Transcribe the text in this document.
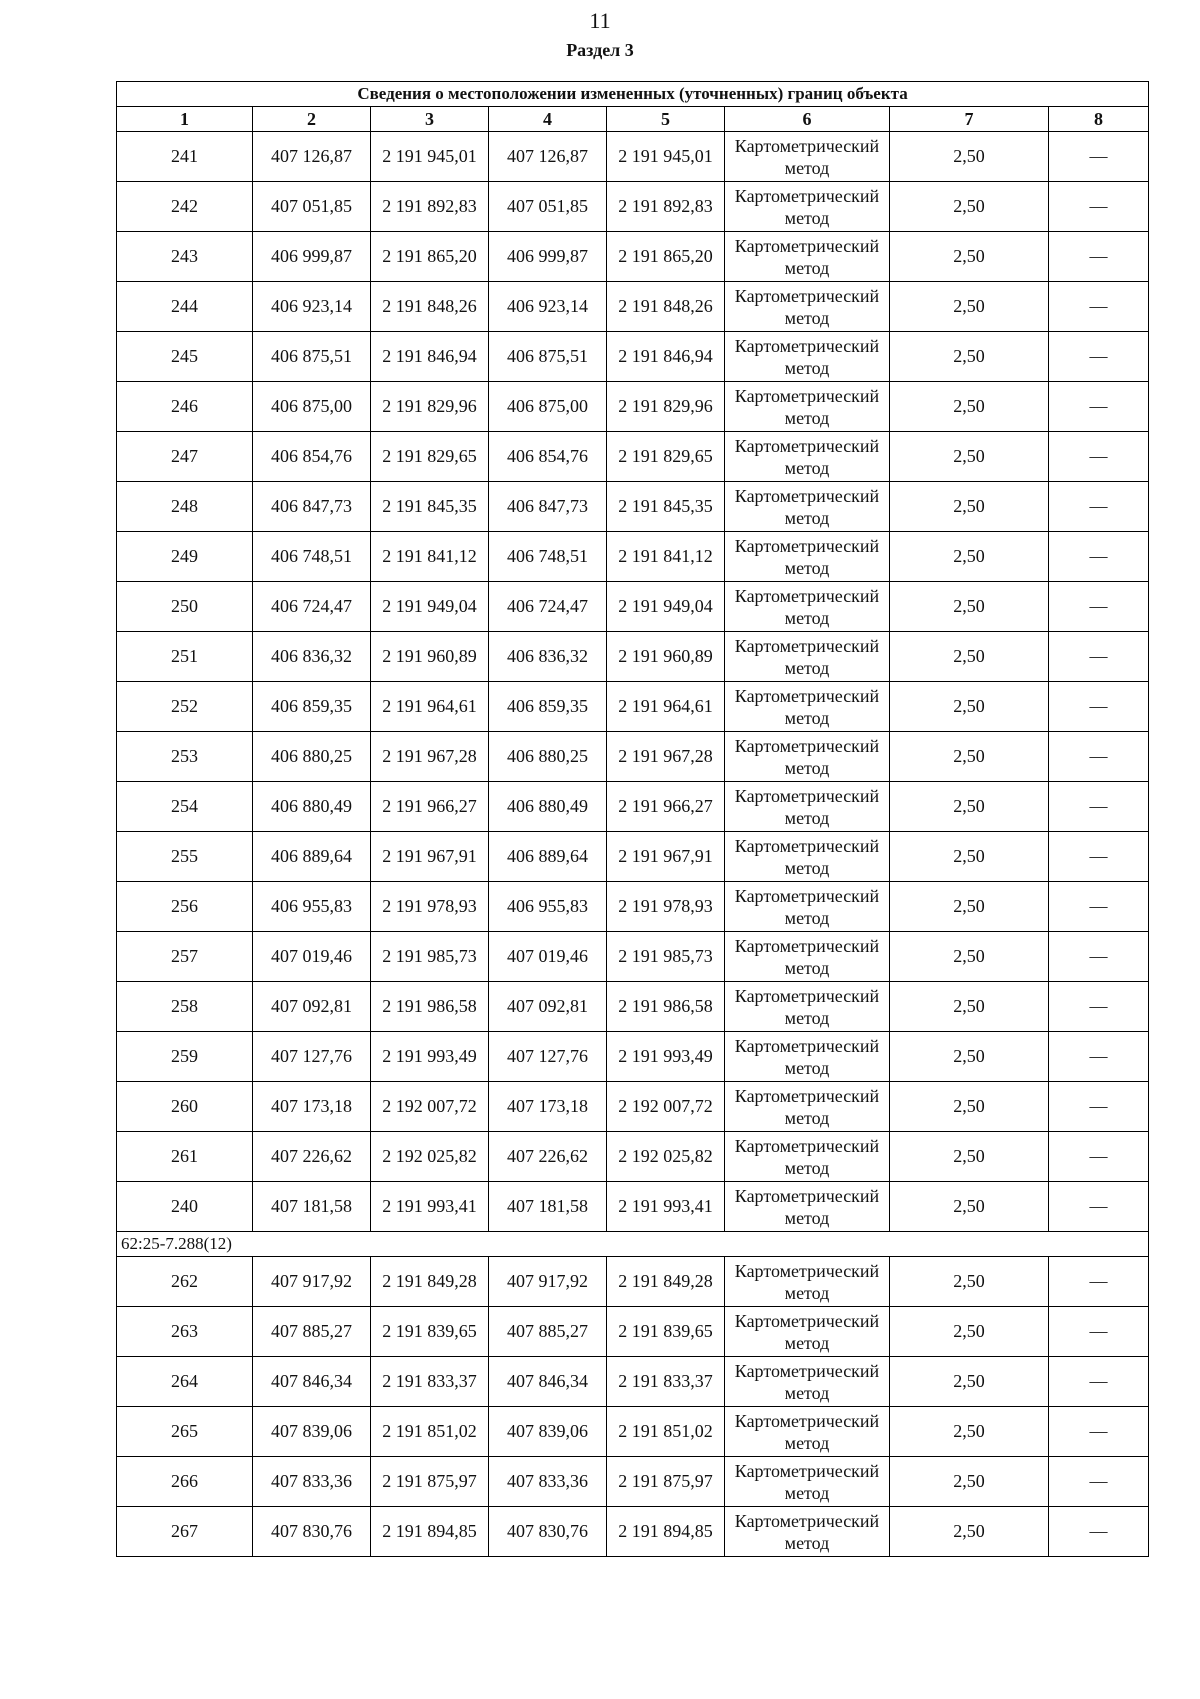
11
Раздел 3
Сведения о местоположении измененных (уточненных) границ объекта							
1	2	3	4	5	6	7	8
241	407 126,87	2 191 945,01	407 126,87	2 191 945,01	Картометрический метод	2,50	—
242	407 051,85	2 191 892,83	407 051,85	2 191 892,83	Картометрический метод	2,50	—
243	406 999,87	2 191 865,20	406 999,87	2 191 865,20	Картометрический метод	2,50	—
244	406 923,14	2 191 848,26	406 923,14	2 191 848,26	Картометрический метод	2,50	—
245	406 875,51	2 191 846,94	406 875,51	2 191 846,94	Картометрический метод	2,50	—
246	406 875,00	2 191 829,96	406 875,00	2 191 829,96	Картометрический метод	2,50	—
247	406 854,76	2 191 829,65	406 854,76	2 191 829,65	Картометрический метод	2,50	—
248	406 847,73	2 191 845,35	406 847,73	2 191 845,35	Картометрический метод	2,50	—
249	406 748,51	2 191 841,12	406 748,51	2 191 841,12	Картометрический метод	2,50	—
250	406 724,47	2 191 949,04	406 724,47	2 191 949,04	Картометрический метод	2,50	—
251	406 836,32	2 191 960,89	406 836,32	2 191 960,89	Картометрический метод	2,50	—
252	406 859,35	2 191 964,61	406 859,35	2 191 964,61	Картометрический метод	2,50	—
253	406 880,25	2 191 967,28	406 880,25	2 191 967,28	Картометрический метод	2,50	—
254	406 880,49	2 191 966,27	406 880,49	2 191 966,27	Картометрический метод	2,50	—
255	406 889,64	2 191 967,91	406 889,64	2 191 967,91	Картометрический метод	2,50	—
256	406 955,83	2 191 978,93	406 955,83	2 191 978,93	Картометрический метод	2,50	—
257	407 019,46	2 191 985,73	407 019,46	2 191 985,73	Картометрический метод	2,50	—
258	407 092,81	2 191 986,58	407 092,81	2 191 986,58	Картометрический метод	2,50	—
259	407 127,76	2 191 993,49	407 127,76	2 191 993,49	Картометрический метод	2,50	—
260	407 173,18	2 192 007,72	407 173,18	2 192 007,72	Картометрический метод	2,50	—
261	407 226,62	2 192 025,82	407 226,62	2 192 025,82	Картометрический метод	2,50	—
240	407 181,58	2 191 993,41	407 181,58	2 191 993,41	Картометрический метод	2,50	—
62:25-7.288(12)							
262	407 917,92	2 191 849,28	407 917,92	2 191 849,28	Картометрический метод	2,50	—
263	407 885,27	2 191 839,65	407 885,27	2 191 839,65	Картометрический метод	2,50	—
264	407 846,34	2 191 833,37	407 846,34	2 191 833,37	Картометрический метод	2,50	—
265	407 839,06	2 191 851,02	407 839,06	2 191 851,02	Картометрический метод	2,50	—
266	407 833,36	2 191 875,97	407 833,36	2 191 875,97	Картометрический метод	2,50	—
267	407 830,76	2 191 894,85	407 830,76	2 191 894,85	Картометрический метод	2,50	—
